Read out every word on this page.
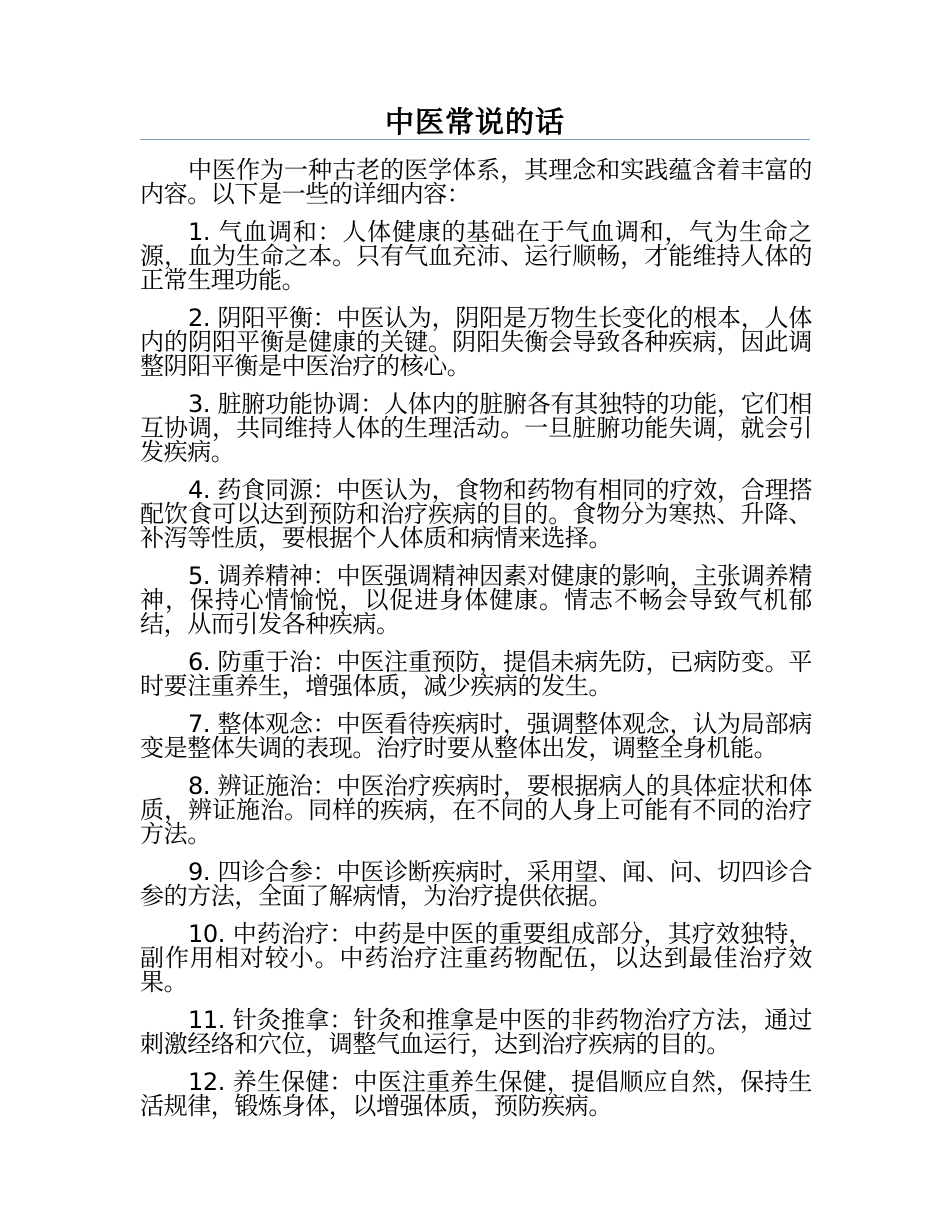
中医常说的话

中医作为一种古老的医学体系，其理念和实践蕴含着丰富的内容。以下是一些的详细内容：

1. 气血调和：人体健康的基础在于气血调和，气为生命之源，血为生命之本。只有气血充沛、运行顺畅，才能维持人体的正常生理功能。

2. 阴阳平衡：中医认为，阴阳是万物生长变化的根本，人体内的阴阳平衡是健康的关键。阴阳失衡会导致各种疾病，因此调整阴阳平衡是中医治疗的核心。

3. 脏腑功能协调：人体内的脏腑各有其独特的功能，它们相互协调，共同维持人体的生理活动。一旦脏腑功能失调，就会引发疾病。

4. 药食同源：中医认为，食物和药物有相同的疗效，合理搭配饮食可以达到预防和治疗疾病的目的。食物分为寒热、升降、补泻等性质，要根据个人体质和病情来选择。

5. 调养精神：中医强调精神因素对健康的影响，主张调养精神，保持心情愉悦，以促进身体健康。情志不畅会导致气机郁结，从而引发各种疾病。

6. 防重于治：中医注重预防，提倡未病先防，已病防变。平时要注重养生，增强体质，减少疾病的发生。

7. 整体观念：中医看待疾病时，强调整体观念，认为局部病变是整体失调的表现。治疗时要从整体出发，调整全身机能。

8. 辨证施治：中医治疗疾病时，要根据病人的具体症状和体质，辨证施治。同样的疾病，在不同的人身上可能有不同的治疗方法。

9. 四诊合参：中医诊断疾病时，采用望、闻、问、切四诊合参的方法，全面了解病情，为治疗提供依据。

10. 中药治疗：中药是中医的重要组成部分，其疗效独特，副作用相对较小。中药治疗注重药物配伍，以达到最佳治疗效果。

11. 针灸推拿：针灸和推拿是中医的非药物治疗方法，通过刺激经络和穴位，调整气血运行，达到治疗疾病的目的。

12. 养生保健：中医注重养生保健，提倡顺应自然，保持生活规律，锻炼身体，以增强体质，预防疾病。
